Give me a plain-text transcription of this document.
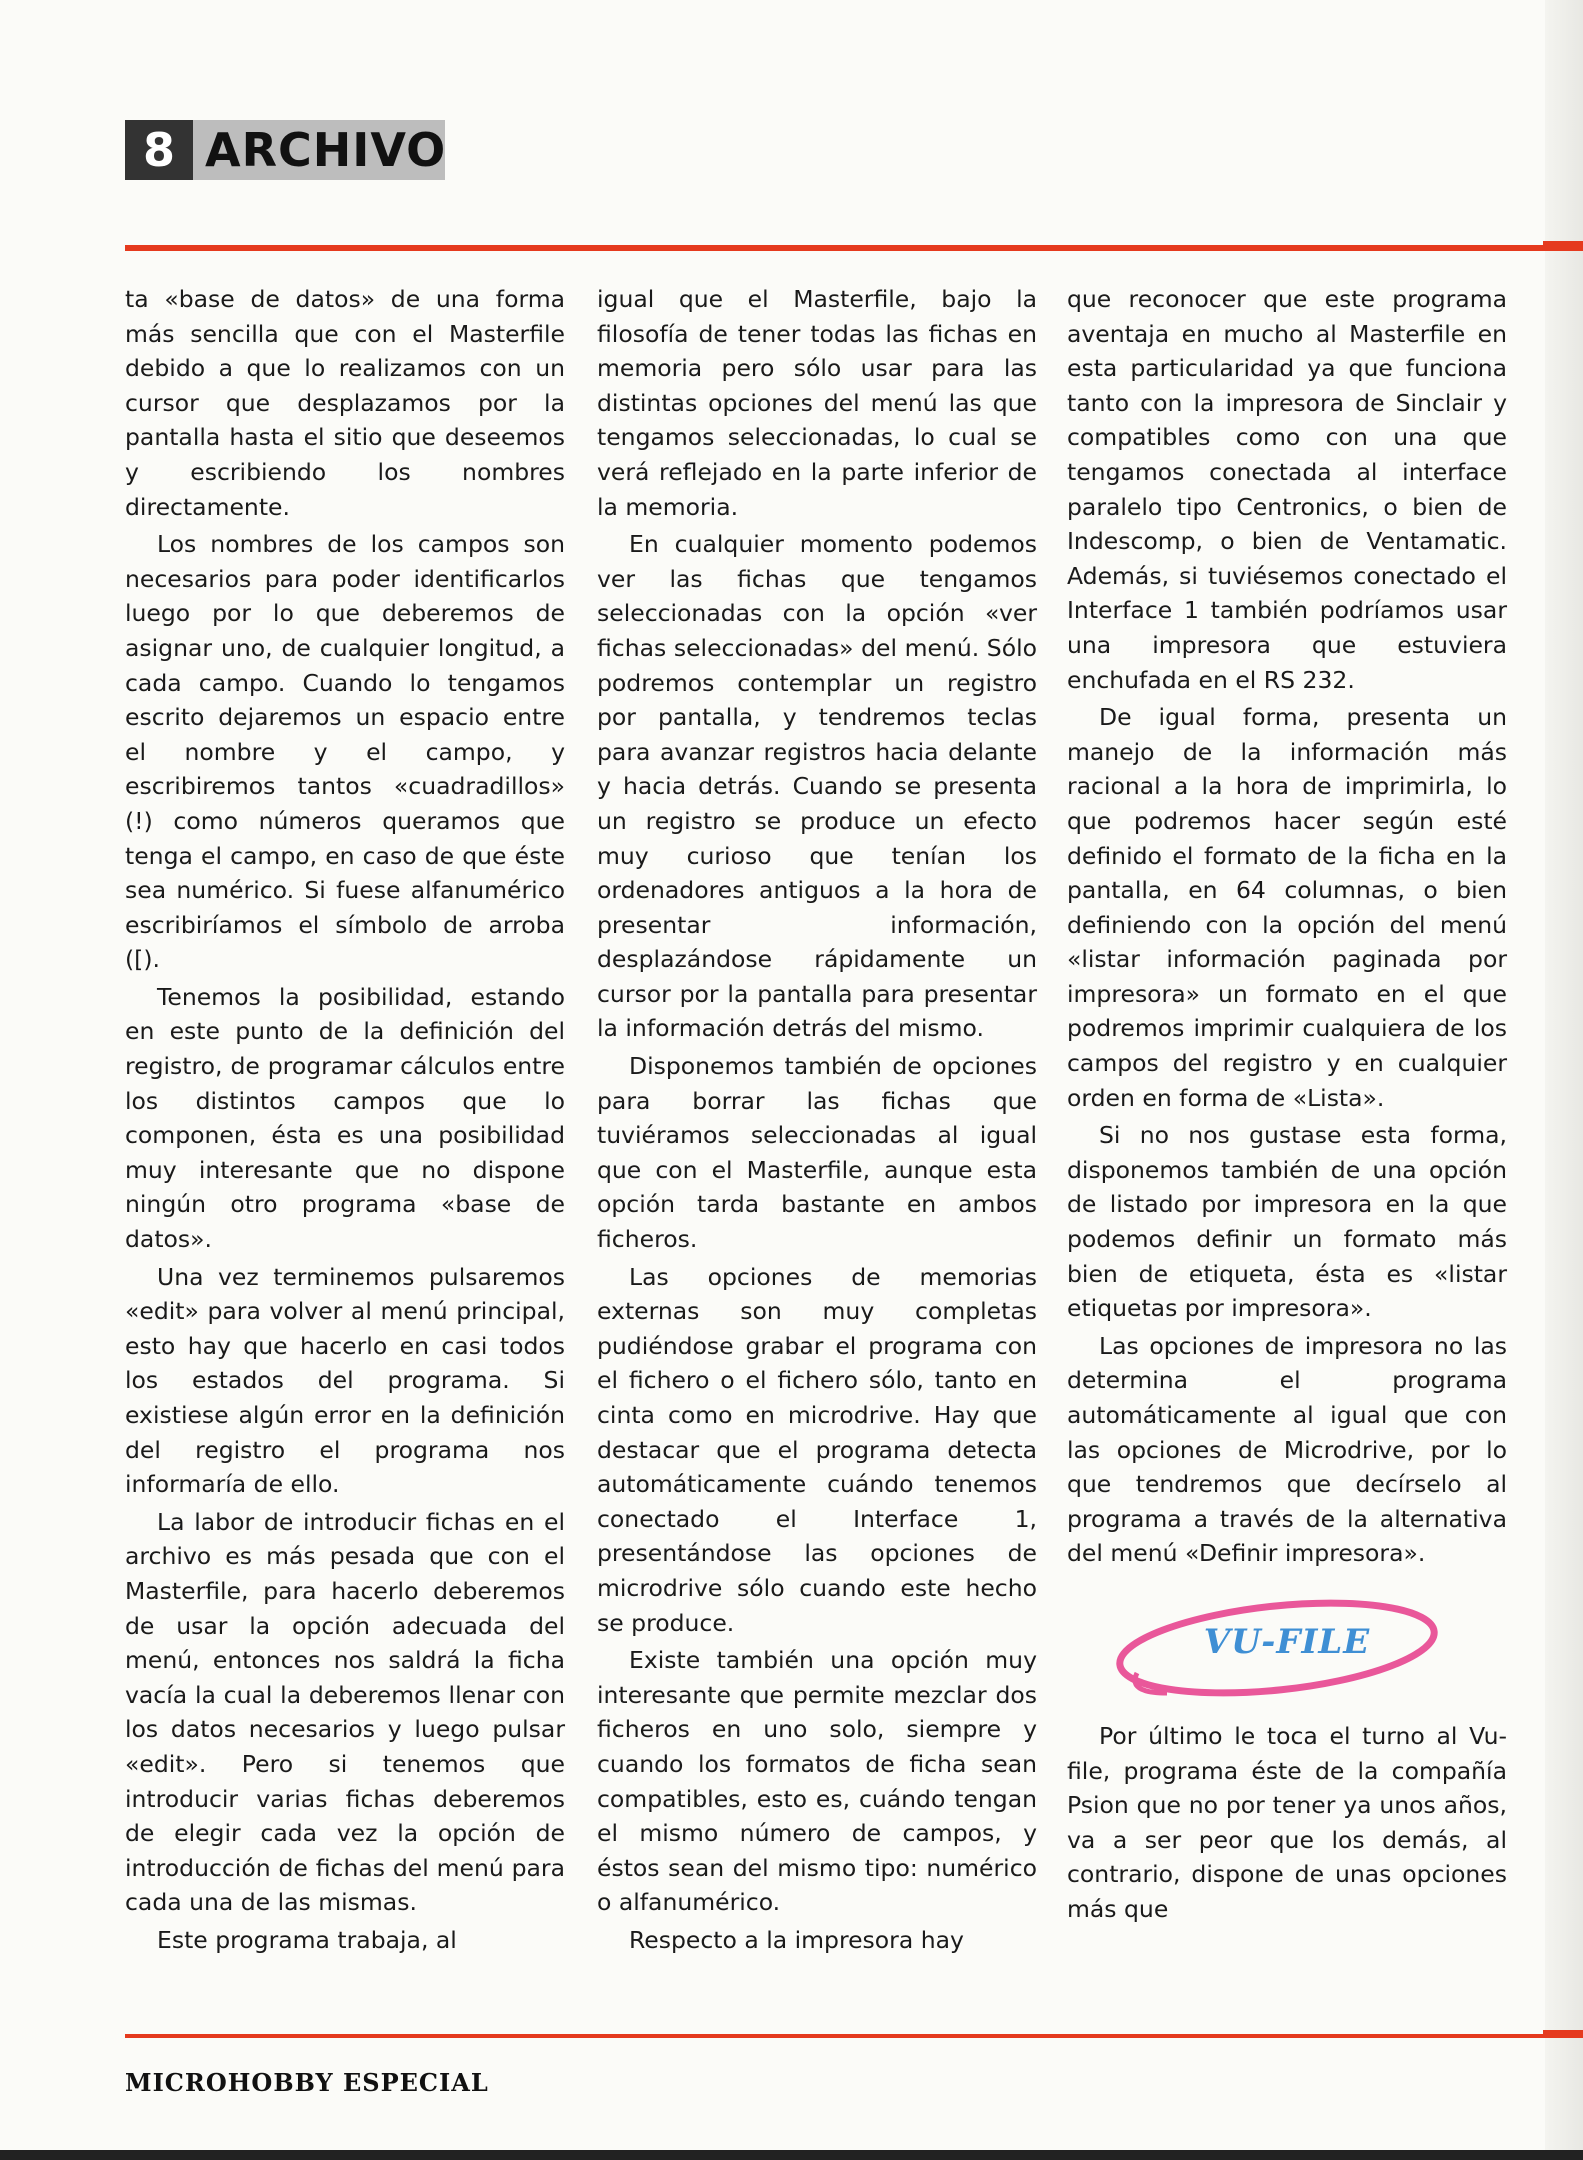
8 ARCHIVO

ta «base de datos» de una forma más sencilla que con el Masterfile debido a que lo realizamos con un cursor que desplazamos por la pantalla hasta el sitio que deseemos y escribiendo los nombres directamente.

Los nombres de los campos son necesarios para poder identificarlos luego por lo que deberemos de asignar uno, de cualquier longitud, a cada campo. Cuando lo tengamos escrito dejaremos un espacio entre el nombre y el campo, y escribiremos tantos «cuadradillos» (!) como números queramos que tenga el campo, en caso de que éste sea numérico. Si fuese alfanumérico escribiríamos el símbolo de arroba ([).

Tenemos la posibilidad, estando en este punto de la definición del registro, de programar cálculos entre los distintos campos que lo componen, ésta es una posibilidad muy interesante que no dispone ningún otro programa «base de datos».

Una vez terminemos pulsaremos «edit» para volver al menú principal, esto hay que hacerlo en casi todos los estados del programa. Si existiese algún error en la definición del registro el programa nos informaría de ello.

La labor de introducir fichas en el archivo es más pesada que con el Masterfile, para hacerlo deberemos de usar la opción adecuada del menú, entonces nos saldrá la ficha vacía la cual la deberemos llenar con los datos necesarios y luego pulsar «edit». Pero si tenemos que introducir varias fichas deberemos de elegir cada vez la opción de introducción de fichas del menú para cada una de las mismas.

Este programa trabaja, al

igual que el Masterfile, bajo la filosofía de tener todas las fichas en memoria pero sólo usar para las distintas opciones del menú las que tengamos seleccionadas, lo cual se verá reflejado en la parte inferior de la memoria.

En cualquier momento podemos ver las fichas que tengamos seleccionadas con la opción «ver fichas seleccionadas» del menú. Sólo podremos contemplar un registro por pantalla, y tendremos teclas para avanzar registros hacia delante y hacia detrás. Cuando se presenta un registro se produce un efecto muy curioso que tenían los ordenadores antiguos a la hora de presentar información, desplazándose rápidamente un cursor por la pantalla para presentar la información detrás del mismo.

Disponemos también de opciones para borrar las fichas que tuviéramos seleccionadas al igual que con el Masterfile, aunque esta opción tarda bastante en ambos ficheros.

Las opciones de memorias externas son muy completas pudiéndose grabar el programa con el fichero o el fichero sólo, tanto en cinta como en microdrive. Hay que destacar que el programa detecta automáticamente cuándo tenemos conectado el Interface 1, presentándose las opciones de microdrive sólo cuando este hecho se produce.

Existe también una opción muy interesante que permite mezclar dos ficheros en uno solo, siempre y cuando los formatos de ficha sean compatibles, esto es, cuándo tengan el mismo número de campos, y éstos sean del mismo tipo: numérico o alfanumérico.

Respecto a la impresora hay

que reconocer que este programa aventaja en mucho al Masterfile en esta particularidad ya que funciona tanto con la impresora de Sinclair y compatibles como con una que tengamos conectada al interface paralelo tipo Centronics, o bien de Indescomp, o bien de Ventamatic. Además, si tuviésemos conectado el Interface 1 también podríamos usar una impresora que estuviera enchufada en el RS 232.

De igual forma, presenta un manejo de la información más racional a la hora de imprimirla, lo que podremos hacer según esté definido el formato de la ficha en la pantalla, en 64 columnas, o bien definiendo con la opción del menú «listar información paginada por impresora» un formato en el que podremos imprimir cualquiera de los campos del registro y en cualquier orden en forma de «Lista».

Si no nos gustase esta forma, disponemos también de una opción de listado por impresora en la que podemos definir un formato más bien de etiqueta, ésta es «listar etiquetas por impresora».

Las opciones de impresora no las determina el programa automáticamente al igual que con las opciones de Microdrive, por lo que tendremos que decírselo al programa a través de la alternativa del menú «Definir impresora».

VU-FILE

Por último le toca el turno al Vu-file, programa éste de la compañía Psion que no por tener ya unos años, va a ser peor que los demás, al contrario, dispone de unas opciones más que

MICROHOBBY ESPECIAL
